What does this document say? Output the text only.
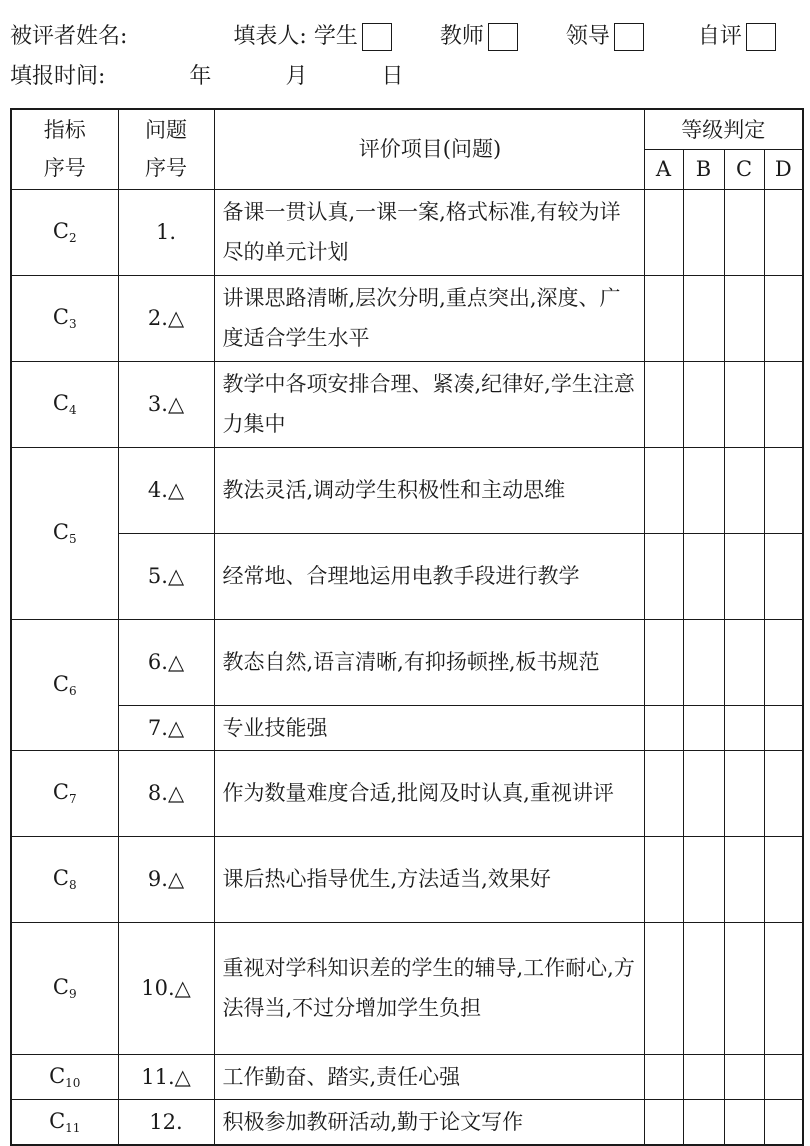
被评者姓名:	填表人: 学生	教师	领导	自评
填报时间:	年	月	日
指标
序号	问题
序号	评价项目(问题)	等级判定			
			A	B	C	D
$C_2$	1.	备课一贯认真,一课一案,格式标准,有较为详尽的单元计划				
$C_3$	2.△	讲课思路清晰,层次分明,重点突出,深度、广度适合学生水平				
$C_4$	3.△	教学中各项安排合理、紧凑,纪律好,学生注意力集中				
$C_5$	4.△	教法灵活,调动学生积极性和主动思维				
	5.△	经常地、合理地运用电教手段进行教学				
$C_6$	6.△	教态自然,语言清晰,有抑扬顿挫,板书规范				
	7.△	专业技能强				
$C_7$	8.△	作为数量难度合适,批阅及时认真,重视讲评				
$C_8$	9.△	课后热心指导优生,方法适当,效果好				
$C_9$	10.△	重视对学科知识差的学生的辅导,工作耐心,方法得当,不过分增加学生负担				
$C_{10}$	11.△	工作勤奋、踏实,责任心强				
$C_{11}$	12.	积极参加教研活动,勤于论文写作				
